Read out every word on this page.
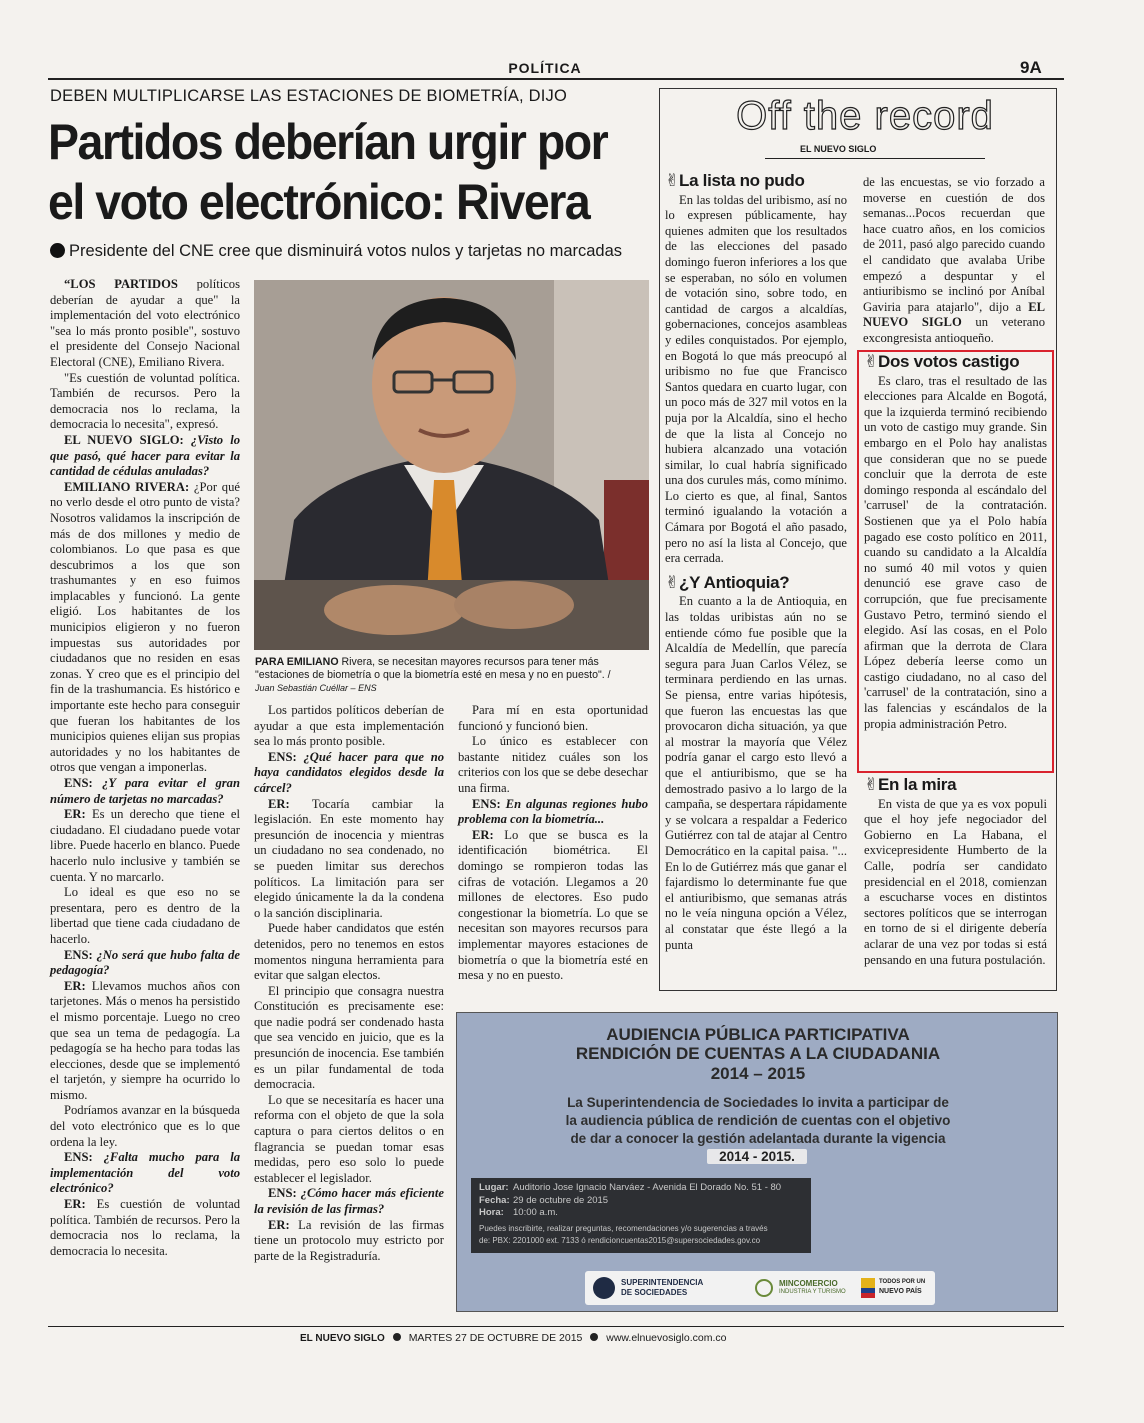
POLÍTICA	9A
DEBEN MULTIPLICARSE LAS ESTACIONES DE BIOMETRÍA, DIJO
Partidos deberían urgir por
el voto electrónico: Rivera
Presidente del CNE cree que disminuirá votos nulos y tarjetas no marcadas
PARA EMILIANO Rivera, se necesitan mayores recursos para tener más "estaciones de biometría o que la biometría esté en mesa y no en puesto". /
Juan Sebastián Cuéllar – ENS

“LOS PARTIDOS políticos deberían de ayudar a que" la implementación del voto electrónico "sea lo más pronto posible", sostuvo el presidente del Consejo Nacional Electoral (CNE), Emiliano Rivera.

"Es cuestión de voluntad política. También de recursos. Pero la democracia nos lo reclama, la democracia lo necesita", expresó.

EL NUEVO SIGLO: ¿Visto lo que pasó, qué hacer para evitar la cantidad de cédulas anuladas?

EMILIANO RIVERA: ¿Por qué no verlo desde el otro punto de vista? Nosotros validamos la inscripción de más de dos millones y medio de colombianos. Lo que pasa es que descubrimos a los que son trashumantes y en eso fuimos implacables y funcionó. La gente eligió. Los habitantes de los municipios eligieron y no fueron impuestas sus autoridades por ciudadanos que no residen en esas zonas. Y creo que es el principio del fin de la trashumancia. Es histórico e importante este hecho para conseguir que fueran los habitantes de los municipios quienes elijan sus propias autoridades y no los habitantes de otros que vengan a imponerlas.

ENS: ¿Y para evitar el gran número de tarjetas no marcadas?

ER: Es un derecho que tiene el ciudadano. El ciudadano puede votar libre. Puede hacerlo en blanco. Puede hacerlo nulo inclusive y también se cuenta. Y no marcarlo.

Lo ideal es que eso no se presentara, pero es dentro de la libertad que tiene cada ciudadano de hacerlo.

ENS: ¿No será que hubo falta de pedagogía?

ER: Llevamos muchos años con tarjetones. Más o menos ha persistido el mismo porcentaje. Luego no creo que sea un tema de pedagogía. La pedagogía se ha hecho para todas las elecciones, desde que se implementó el tarjetón, y siempre ha ocurrido lo mismo.

Podríamos avanzar en la búsqueda del voto electrónico que es lo que ordena la ley.

ENS: ¿Falta mucho para la implementación del voto electrónico?

ER: Es cuestión de voluntad política. También de recursos. Pero la democracia nos lo reclama, la democracia lo necesita.

Los partidos políticos deberían de ayudar a que esta implementación sea lo más pronto posible.

ENS: ¿Qué hacer para que no haya candidatos elegidos desde la cárcel?

ER: Tocaría cambiar la legislación. En este momento hay presunción de inocencia y mientras un ciudadano no sea condenado, no se pueden limitar sus derechos políticos. La limitación para ser elegido únicamente la da la condena o la sanción disciplinaria.

Puede haber candidatos que estén detenidos, pero no tenemos en estos momentos ninguna herramienta para evitar que salgan electos.

El principio que consagra nuestra Constitución es precisamente ese: que nadie podrá ser condenado hasta que sea vencido en juicio, que es la presunción de inocencia. Ese también es un pilar fundamental de toda democracia.

Lo que se necesitaría es hacer una reforma con el objeto de que la sola captura o para ciertos delitos o en flagrancia se puedan tomar esas medidas, pero eso solo lo puede establecer el legislador.

ENS: ¿Cómo hacer más eficiente la revisión de las firmas?

ER: La revisión de las firmas tiene un protocolo muy estricto por parte de la Registraduría.

Para mí en esta oportunidad funcionó y funcionó bien.

Lo único es establecer con bastante nitidez cuáles son los criterios con los que se debe desechar una firma.

ENS: En algunas regiones hubo problema con la biometría...

ER: Lo que se busca es la identificación biométrica. El domingo se rompieron todas las cifras de votación. Llegamos a 20 millones de electores. Eso pudo congestionar la biometría. Lo que se necesitan son mayores recursos para implementar mayores estaciones de biometría o que la biometría esté en mesa y no en puesto.

Off the record
EL NUEVO SIGLO
✌La lista no pudo

En las toldas del uribismo, así no lo expresen públicamente, hay quienes admiten que los resultados de las elecciones del pasado domingo fueron inferiores a los que se esperaban, no sólo en volumen de votación sino, sobre todo, en cantidad de cargos a alcaldías, gobernaciones, concejos asambleas y ediles conquistados. Por ejemplo, en Bogotá lo que más preocupó al uribismo no fue que Francisco Santos quedara en cuarto lugar, con un poco más de 327 mil votos en la puja por la Alcaldía, sino el hecho de que la lista al Concejo no hubiera alcanzado una votación similar, lo cual habría significado una dos curules más, como mínimo. Lo cierto es que, al final, Santos terminó igualando la votación a Cámara por Bogotá el año pasado, pero no así la lista al Concejo, que era cerrada.

✌¿Y Antioquia?

En cuanto a la de Antioquia, en las toldas uribistas aún no se entiende cómo fue posible que la Alcaldía de Medellín, que parecía segura para Juan Carlos Vélez, se terminara perdiendo en las urnas. Se piensa, entre varias hipótesis, que fueron las encuestas las que provocaron dicha situación, ya que al mostrar la mayoría que Vélez podría ganar el cargo esto llevó a que el antiuribismo, que se ha demostrado pasivo a lo largo de la campaña, se despertara rápidamente y se volcara a respaldar a Federico Gutiérrez con tal de atajar al Centro Democrático en la capital paisa. "... En lo de Gutiérrez más que ganar el fajardismo lo determinante fue que el antiuribismo, que semanas atrás no le veía ninguna opción a Vélez, al constatar que éste llegó a la punta

de las encuestas, se vio forzado a moverse en cuestión de dos semanas...Pocos recuerdan que hace cuatro años, en los comicios de 2011, pasó algo parecido cuando el candidato que avalaba Uribe empezó a despuntar y el antiuribismo se inclinó por Aníbal Gaviria para atajarlo", dijo a EL NUEVO SIGLO un veterano excongresista antioqueño.

✌Dos votos castigo

Es claro, tras el resultado de las elecciones para Alcalde en Bogotá, que la izquierda terminó recibiendo un voto de castigo muy grande. Sin embargo en el Polo hay analistas que consideran que no se puede concluir que la derrota de este domingo responda al escándalo del 'carrusel' de la contratación. Sostienen que ya el Polo había pagado ese costo político en 2011, cuando su candidato a la Alcaldía no sumó 40 mil votos y quien denunció ese grave caso de corrupción, que fue precisamente Gustavo Petro, terminó siendo el elegido. Así las cosas, en el Polo afirman que la derrota de Clara López debería leerse como un castigo ciudadano, no al caso del 'carrusel' de la contratación, sino a las falencias y escándalos de la propia administración Petro.

✌En la mira

En vista de que ya es vox populi que el hoy jefe negociador del Gobierno en La Habana, el exvicepresidente Humberto de la Calle, podría ser candidato presidencial en el 2018, comienzan a escucharse voces en distintos sectores políticos que se interrogan en torno de si el dirigente debería aclarar de una vez por todas si está pensando en una futura postulación.

AUDIENCIA PÚBLICA PARTICIPATIVA
RENDICIÓN DE CUENTAS A LA CIUDADANIA
2014 – 2015
La Superintendencia de Sociedades lo invita a participar de
la audiencia pública de rendición de cuentas con el objetivo
de dar a conocer la gestión adelantada durante la vigencia
2014 - 2015.
Lugar: Auditorio Jose Ignacio Narváez - Avenida El Dorado No. 51 - 80
Fecha: 29 de octubre de 2015
Hora: 10:00 a.m.
Puedes inscribirte, realizar preguntas, recomendaciones y/o sugerencias a través
de: PBX: 2201000 ext. 7133 ó rendicioncuentas2015@supersociedades.gov.co
SUPERINTENDENCIA
DE SOCIEDADES
MINCOMERCIO
INDUSTRIA Y TURISMO
TODOS POR UN
NUEVO PAÍS
EL NUEVO SIGLO MARTES 27 DE OCTUBRE DE 2015 www.elnuevosiglo.com.co
